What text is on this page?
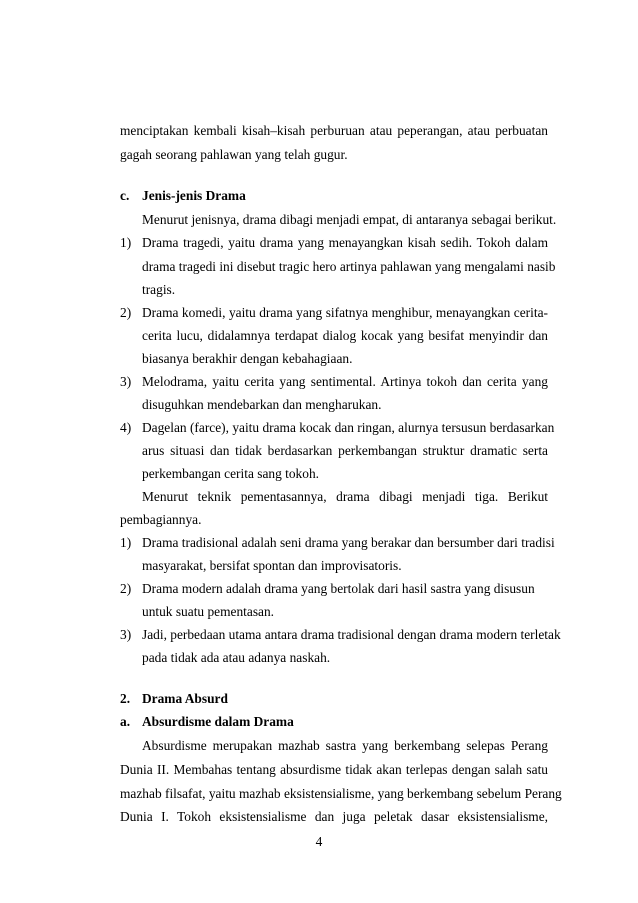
menciptakan kembali kisah–kisah perburuan atau peperangan, atau perbuatan
gagah seorang pahlawan yang telah gugur.
c. Jenis-jenis Drama
Menurut jenisnya, drama dibagi menjadi empat, di antaranya sebagai berikut.
1) Drama tragedi, yaitu drama yang menayangkan kisah sedih. Tokoh dalam
drama tragedi ini disebut tragic hero artinya pahlawan yang mengalami nasib
tragis.
2) Drama komedi, yaitu drama yang sifatnya menghibur, menayangkan cerita-
cerita lucu, didalamnya terdapat dialog kocak yang besifat menyindir dan
biasanya berakhir dengan kebahagiaan.
3) Melodrama, yaitu cerita yang sentimental. Artinya tokoh dan cerita yang
disuguhkan mendebarkan dan mengharukan.
4) Dagelan (farce), yaitu drama kocak dan ringan, alurnya tersusun berdasarkan
arus situasi dan tidak berdasarkan perkembangan struktur dramatic serta
perkembangan cerita sang tokoh.
Menurut teknik pementasannya, drama dibagi menjadi tiga. Berikut
pembagiannya.
1) Drama tradisional adalah seni drama yang berakar dan bersumber dari tradisi
masyarakat, bersifat spontan dan improvisatoris.
2) Drama modern adalah drama yang bertolak dari hasil sastra yang disusun
untuk suatu pementasan.
3) Jadi, perbedaan utama antara drama tradisional dengan drama modern terletak
pada tidak ada atau adanya naskah.
2. Drama Absurd
a. Absurdisme dalam Drama
Absurdisme merupakan mazhab sastra yang berkembang selepas Perang
Dunia II. Membahas tentang absurdisme tidak akan terlepas dengan salah satu
mazhab filsafat, yaitu mazhab eksistensialisme, yang berkembang sebelum Perang
Dunia I. Tokoh eksistensialisme dan juga peletak dasar eksistensialisme,
4
